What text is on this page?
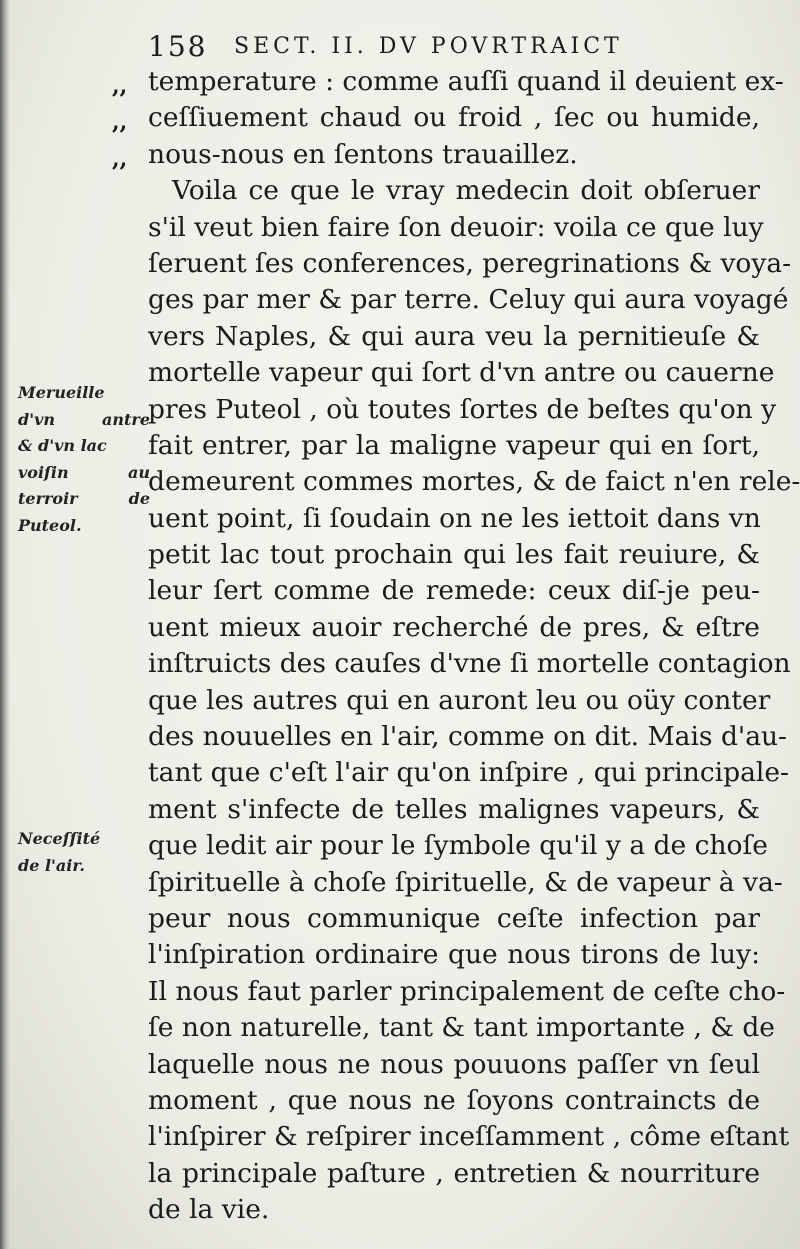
158 SECT. II. DV POVRTRAICT
,,
,,
,,
temperature : comme auſſi quand il deuient ex-
ceſſiuement chaud ou froid , ſec ou humide,
nous-nous en ſentons trauaillez.
Voila ce que le vray medecin doit obſeruer
s'il veut bien faire ſon deuoir: voila ce que luy
ſeruent ſes conferences, peregrinations & voya-
ges par mer & par terre. Celuy qui aura voyagé
vers Naples, & qui aura veu la pernitieuſe &
mortelle vapeur qui ſort d'vn antre ou cauerne
pres Puteol , où toutes ſortes de beſtes qu'on y
fait entrer, par la maligne vapeur qui en ſort,
demeurent commes mortes, & de faict n'en rele-
uent point, ſi ſoudain on ne les iettoit dans vn
petit lac tout prochain qui les fait reuiure, &
leur ſert comme de remede: ceux diſ-je peu-
uent mieux auoir recherché de pres, & eſtre
inſtruicts des cauſes d'vne ſi mortelle contagion
que les autres qui en auront leu ou oüy conter
des nouuelles en l'air, comme on dit. Mais d'au-
tant que c'eſt l'air qu'on inſpire , qui principale-
ment s'infecte de telles malignes vapeurs, &
que ledit air pour le ſymbole qu'il y a de choſe
ſpirituelle à choſe ſpirituelle, & de vapeur à va-
peur nous communique ceſte infection par
l'inſpiration ordinaire que nous tirons de luy:
Il nous faut parler principalement de ceſte cho-
ſe non naturelle, tant & tant importante , & de
laquelle nous ne nous pouuons paſſer vn ſeul
moment , que nous ne ſoyons contraincts de
l'inſpirer & reſpirer inceſſamment , côme eſtant
la principale paſture , entretien & nourriture
de la vie.
Merueille
d'vn	antre
& d'vn lac
voiſin	au
terroir	de
Puteol.
Neceſſité
de l'air.
